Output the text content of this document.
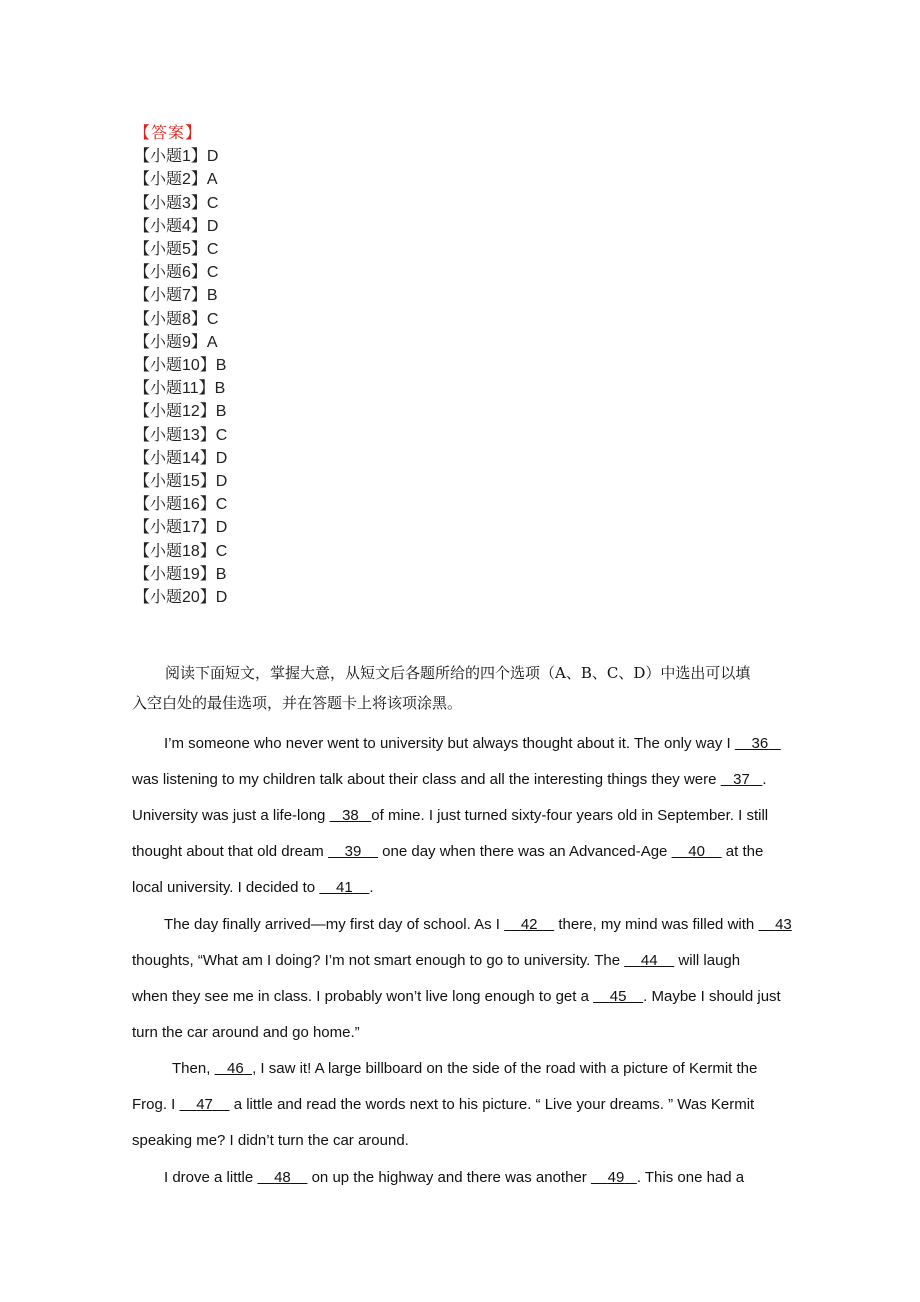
【答案】
【小题1】D
【小题2】A
【小题3】C
【小题4】D
【小题5】C
【小题6】C
【小题7】B
【小题8】C
【小题9】A
【小题10】B
【小题11】B
【小题12】B
【小题13】C
【小题14】D
【小题15】D
【小题16】C
【小题17】D
【小题18】C
【小题19】B
【小题20】D
阅读下面短文，掌握大意，从短文后各题所给的四个选项（A、B、C、D）中选出可以填
入空白处的最佳选项，并在答题卡上将该项涂黑。
I’m someone who never went to university but always thought about it. The only way I     36
was listening to my children talk about their class and all the interesting things they were    37 .
University was just a life-long    38 of mine. I just turned sixty-four years old in September. I still
thought about that old dream     39     one day when there was an Advanced-Age     40     at the
local university. I decided to     41 .
The day finally arrived—my first day of school. As I     42     there, my mind was filled with     43
thoughts, “What am I doing? I’m not smart enough to go to university. The     44     will laugh
when they see me in class. I probably won’t live long enough to get a     45 . Maybe I should just
turn the car around and go home.”
Then,    46 , I saw it! A large billboard on the side of the road with a picture of Kermit the
Frog. I     47     a little and read the words next to his picture. “ Live your dreams. ” Was Kermit
speaking me? I didn’t turn the car around.
I drove a little     48     on up the highway and there was another     49 . This one had a
